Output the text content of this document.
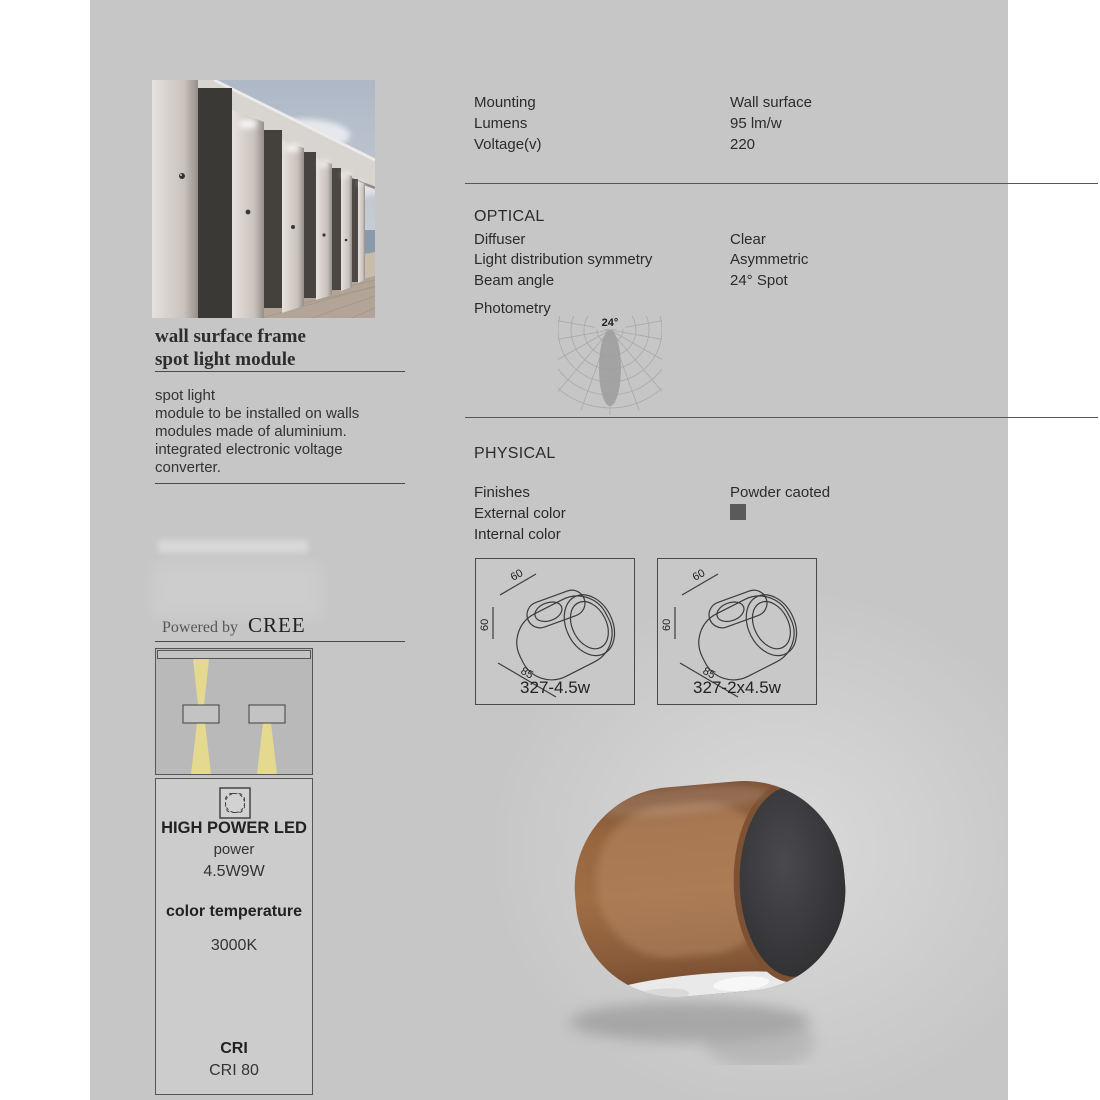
wall surface frame
spot light module
spot light
module to be installed on walls
modules made of aluminium.
integrated electronic voltage
converter.
Powered by CREE
HIGH POWER LED
power
4.5W9W
color temperature
3000K
CRI
CRI 80
Mounting	Wall surface
Lumens	95 lm/w
Voltage(v)	220
OPTICAL
Diffuser	Clear
Light distribution symmetry	Asymmetric
Beam angle	24° Spot
Photometry
24°
PHYSICAL
Finishes	Powder caoted
External color
Internal color
60
60
85
327-4.5w
60
60
85
327-2x4.5w
